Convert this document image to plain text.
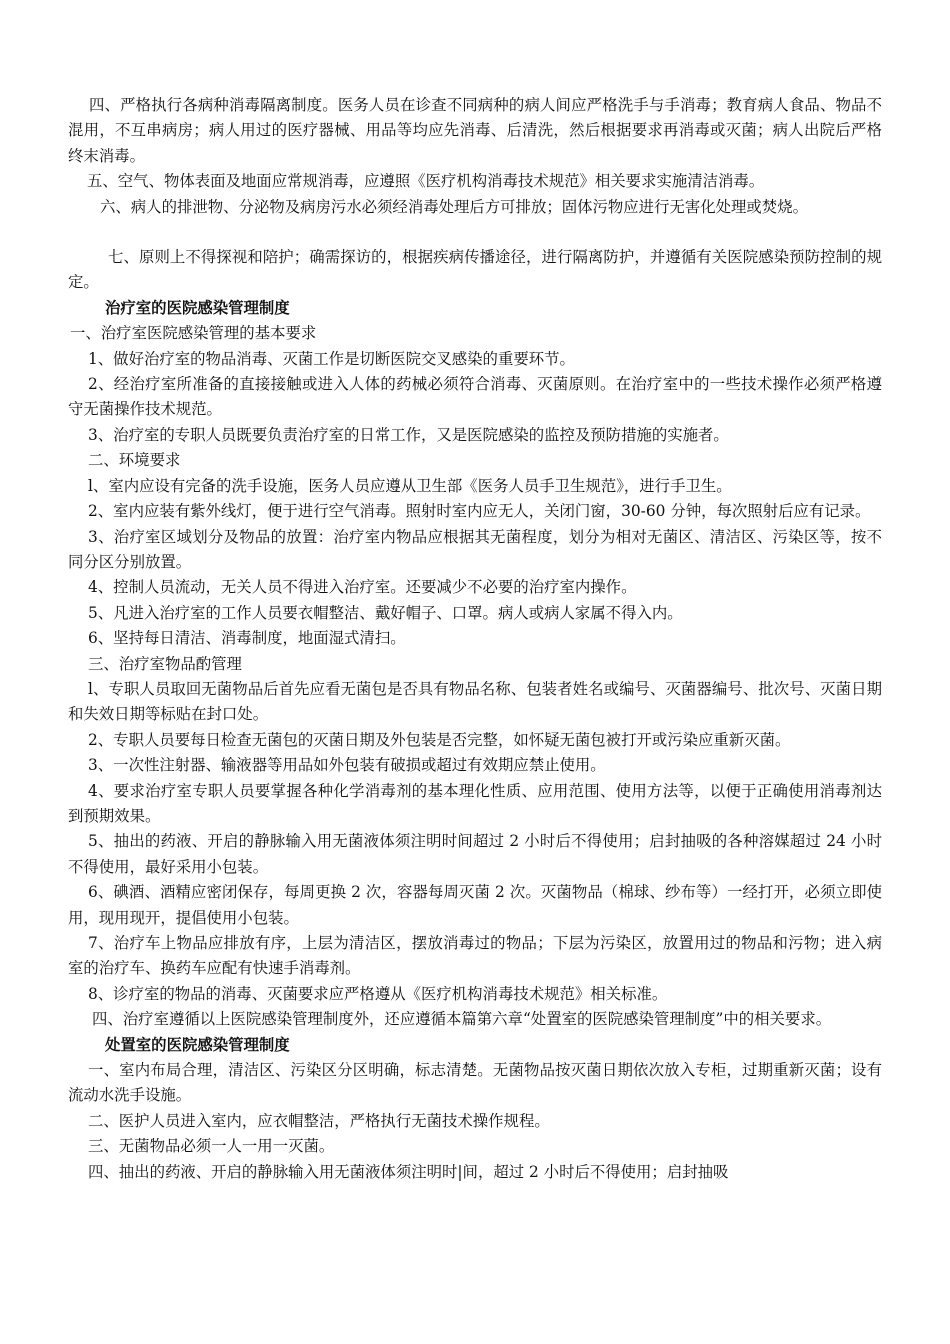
四、严格执行各病种消毒隔离制度。医务人员在诊查不同病种的病人间应严格洗手与手消毒；教育病人食品、物品不混用，不互串病房；病人用过的医疗器械、用品等均应先消毒、后清洗，然后根据要求再消毒或灭菌；病人出院后严格终末消毒。

五、空气、物体表面及地面应常规消毒，应遵照《医疗机构消毒技术规范》相关要求实施清洁消毒。

六、病人的排泄物、分泌物及病房污水必须经消毒处理后方可排放；固体污物应进行无害化处理或焚烧。

七、原则上不得探视和陪护；确需探访的，根据疾病传播途径，进行隔离防护，并遵循有关医院感染预防控制的规定。

治疗室的医院感染管理制度

一、治疗室医院感染管理的基本要求

1、做好治疗室的物品消毒、灭菌工作是切断医院交叉感染的重要环节。

2、经治疗室所准备的直接接触或进入人体的药械必须符合消毒、灭菌原则。在治疗室中的一些技术操作必须严格遵守无菌操作技术规范。

3、治疗室的专职人员既要负责治疗室的日常工作，又是医院感染的监控及预防措施的实施者。

二、环境要求

l、室内应设有完备的洗手设施，医务人员应遵从卫生部《医务人员手卫生规范》，进行手卫生。

2、室内应装有紫外线灯，便于进行空气消毒。照射时室内应无人，关闭门窗，30-60 分钟，每次照射后应有记录。

3、治疗室区域划分及物品的放置：治疗室内物品应根据其无菌程度，划分为相对无菌区、清洁区、污染区等，按不同分区分别放置。

4、控制人员流动，无关人员不得进入治疗室。还要减少不必要的治疗室内操作。

5、凡进入治疗室的工作人员要衣帽整洁、戴好帽子、口罩。病人或病人家属不得入内。

6、坚持每日清洁、消毒制度，地面湿式清扫。

三、治疗室物品酌管理

l、专职人员取回无菌物品后首先应看无菌包是否具有物品名称、包装者姓名或编号、灭菌器编号、批次号、灭菌日期和失效日期等标贴在封口处。

2、专职人员要每日检查无菌包的灭菌日期及外包装是否完整，如怀疑无菌包被打开或污染应重新灭菌。

3、一次性注射器、输液器等用品如外包装有破损或超过有效期应禁止使用。

4、要求治疗室专职人员要掌握各种化学消毒剂的基本理化性质、应用范围、使用方法等，以便于正确使用消毒剂达到预期效果。

5、抽出的药液、开启的静脉输入用无菌液体须注明时间超过 2 小时后不得使用；启封抽吸的各种溶媒超过 24 小时不得使用，最好采用小包装。

6、碘酒、酒精应密闭保存，每周更换 2 次，容器每周灭菌 2 次。灭菌物品（棉球、纱布等）一经打开，必须立即使用，现用现开，提倡使用小包装。

7、治疗车上物品应排放有序，上层为清洁区，摆放消毒过的物品；下层为污染区，放置用过的物品和污物；进入病室的治疗车、换药车应配有快速手消毒剂。

8、诊疗室的物品的消毒、灭菌要求应严格遵从《医疗机构消毒技术规范》相关标准。

四、治疗室遵循以上医院感染管理制度外，还应遵循本篇第六章“处置室的医院感染管理制度”中的相关要求。

处置室的医院感染管理制度

一、室内布局合理，清洁区、污染区分区明确，标志清楚。无菌物品按灭菌日期依次放入专柜，过期重新灭菌；设有流动水洗手设施。

二、医护人员进入室内，应衣帽整洁，严格执行无菌技术操作规程。

三、无菌物品必须一人一用一灭菌。

四、抽出的药液、开启的静脉输入用无菌液体须注明时|间，超过 2 小时后不得使用；启封抽吸
